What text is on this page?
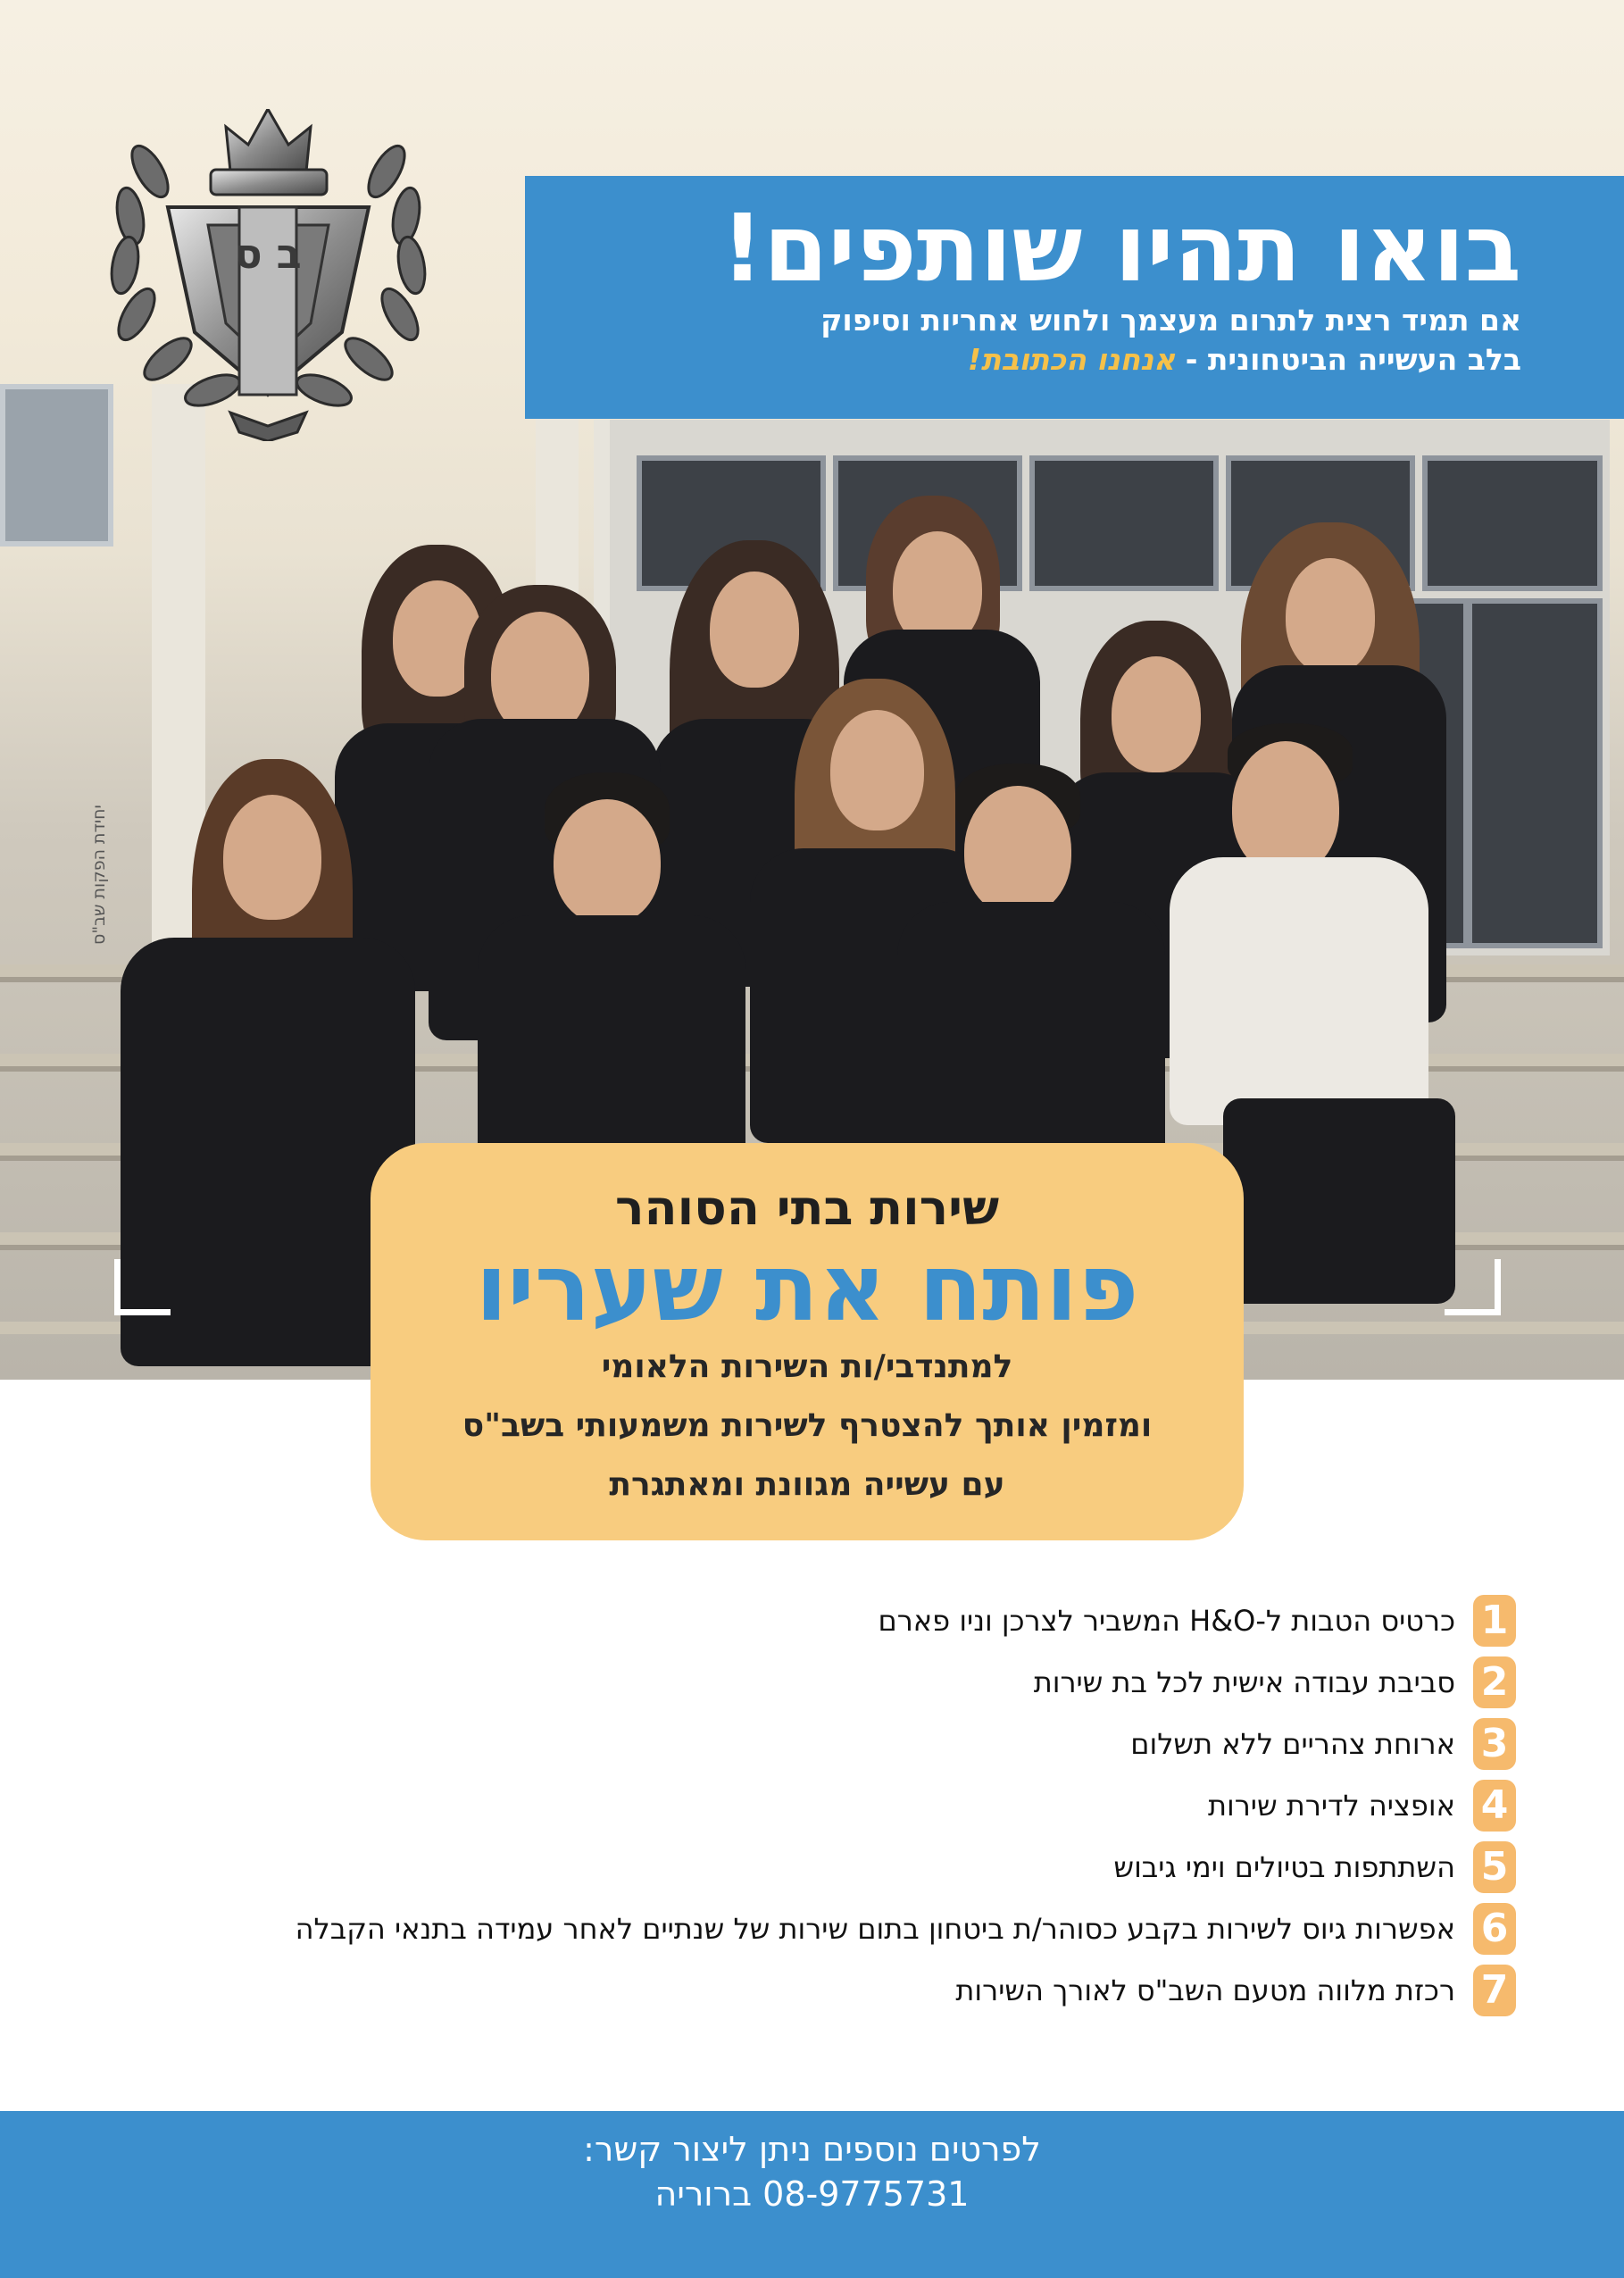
יחידת הפקות שב"ס
ב ס	בואו תהיו שותפים!
אם תמיד רצית לתרום מעצמך ולחוש אחריות וסיפוק
בלב העשייה הביטחונית - אנחנו הכתובת!
שירות בתי הסוהר
פותח את שעריו
למתנדבי/ות השירות הלאומי
ומזמין אותך להצטרף לשירות משמעותי בשב"ס
עם עשייה מגוונת ומאתגרת
1
כרטיס הטבות ל-H&O המשביר לצרכן וניו פארם
2
סביבת עבודה אישית לכל בת שירות
3
ארוחת צהריים ללא תשלום
4
אופציה לדירת שירות
5
השתתפות בטיולים וימי גיבוש
6
אפשרות גיוס לשירות בקבע כסוהר/ת ביטחון בתום שירות של שנתיים לאחר עמידה בתנאי הקבלה
7
רכזת מלווה מטעם השב"ס לאורך השירות
לפרטים נוספים ניתן ליצור קשר:
08-9775731 ברוריה
